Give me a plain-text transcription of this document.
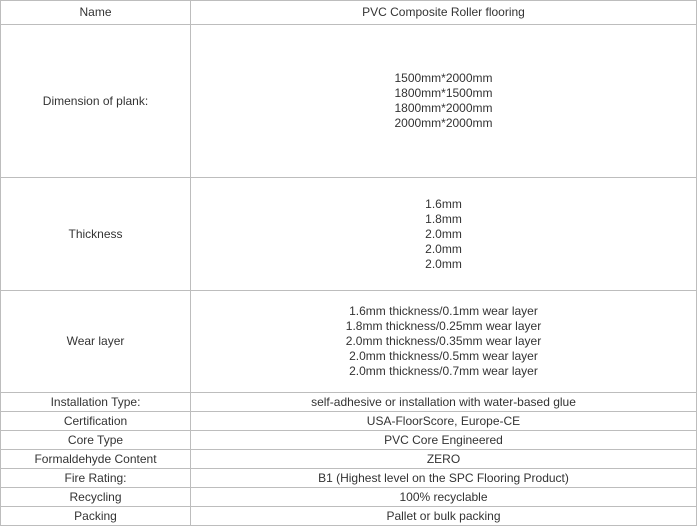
Name	PVC Composite Roller flooring

Dimension of plank:	1500mm*2000mm
1800mm*1500mm
1800mm*2000mm
2000mm*2000mm

Thickness	1.6mm
1.8mm
2.0mm
2.0mm
2.0mm

Wear layer	1.6mm thickness/0.1mm wear layer
1.8mm thickness/0.25mm wear layer
2.0mm thickness/0.35mm wear layer
2.0mm thickness/0.5mm wear layer
2.0mm thickness/0.7mm wear layer

Installation Type:	self-adhesive or installation with water-based glue

Certification	USA-FloorScore, Europe-CE

Core Type	PVC Core Engineered

Formaldehyde Content	ZERO

Fire Rating:	B1 (Highest level on the SPC Flooring Product)

Recycling	100% recyclable

Packing	Pallet or bulk packing
